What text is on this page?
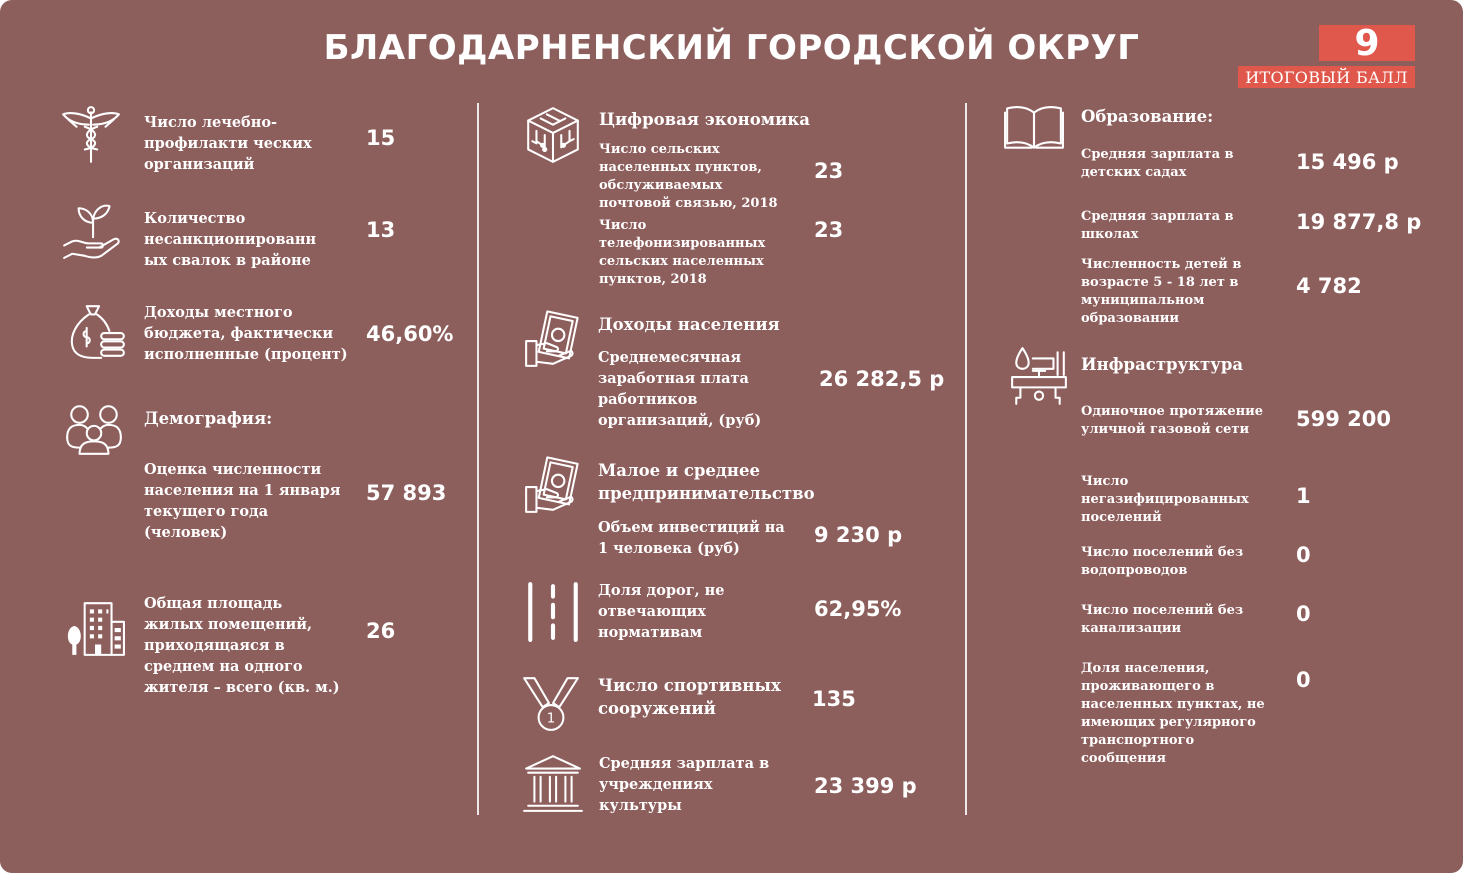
БЛАГОДАРНЕНСКИЙ ГОРОДСКОЙ ОКРУГ	9
ИТОГОВЫЙ БАЛЛ
Число лечебно-профилакти ческих организаций
15
Количество несанкционированн ых свалок в районе
13
Доходы местного бюджета, фактически исполненные (процент)
46,60%
Демография:
Оценка численности населения на 1 января текущего года (человек)
57 893
Общая площадь жилых помещений, приходящаяся в среднем на одного жителя – всего (кв. м.)
26
Цифровая экономика
Число сельских населенных пунктов, обслуживаемых почтовой связью, 2018
23
Число телефонизированных сельских населенных пунктов, 2018
23
Доходы населения
Среднемесячная заработная плата работников организаций, (руб)
26 282,5 р
Малое и среднее предпринимательство
Объем инвестиций на 1 человека (руб)
9 230 р
Доля дорог, не отвечающих нормативам
62,95%
1
Число спортивных сооружений	135
Средняя зарплата в учреждениях культуры
23 399 р
Образование:
Средняя зарплата в детских садах	15 496 р
Средняя зарплата в школах
19 877,8 р
Численность детей в возрасте 5 - 18 лет в муниципальном образовании
4 782
Инфраструктура
Одиночное протяжение уличной газовой сети	599 200
Число негазифицированных поселений
1
Число поселений без водопроводов
0
Число поселений без канализации
0
Доля населения, проживающего в населенных пунктах, не имеющих регулярного транспортного сообщения
0
